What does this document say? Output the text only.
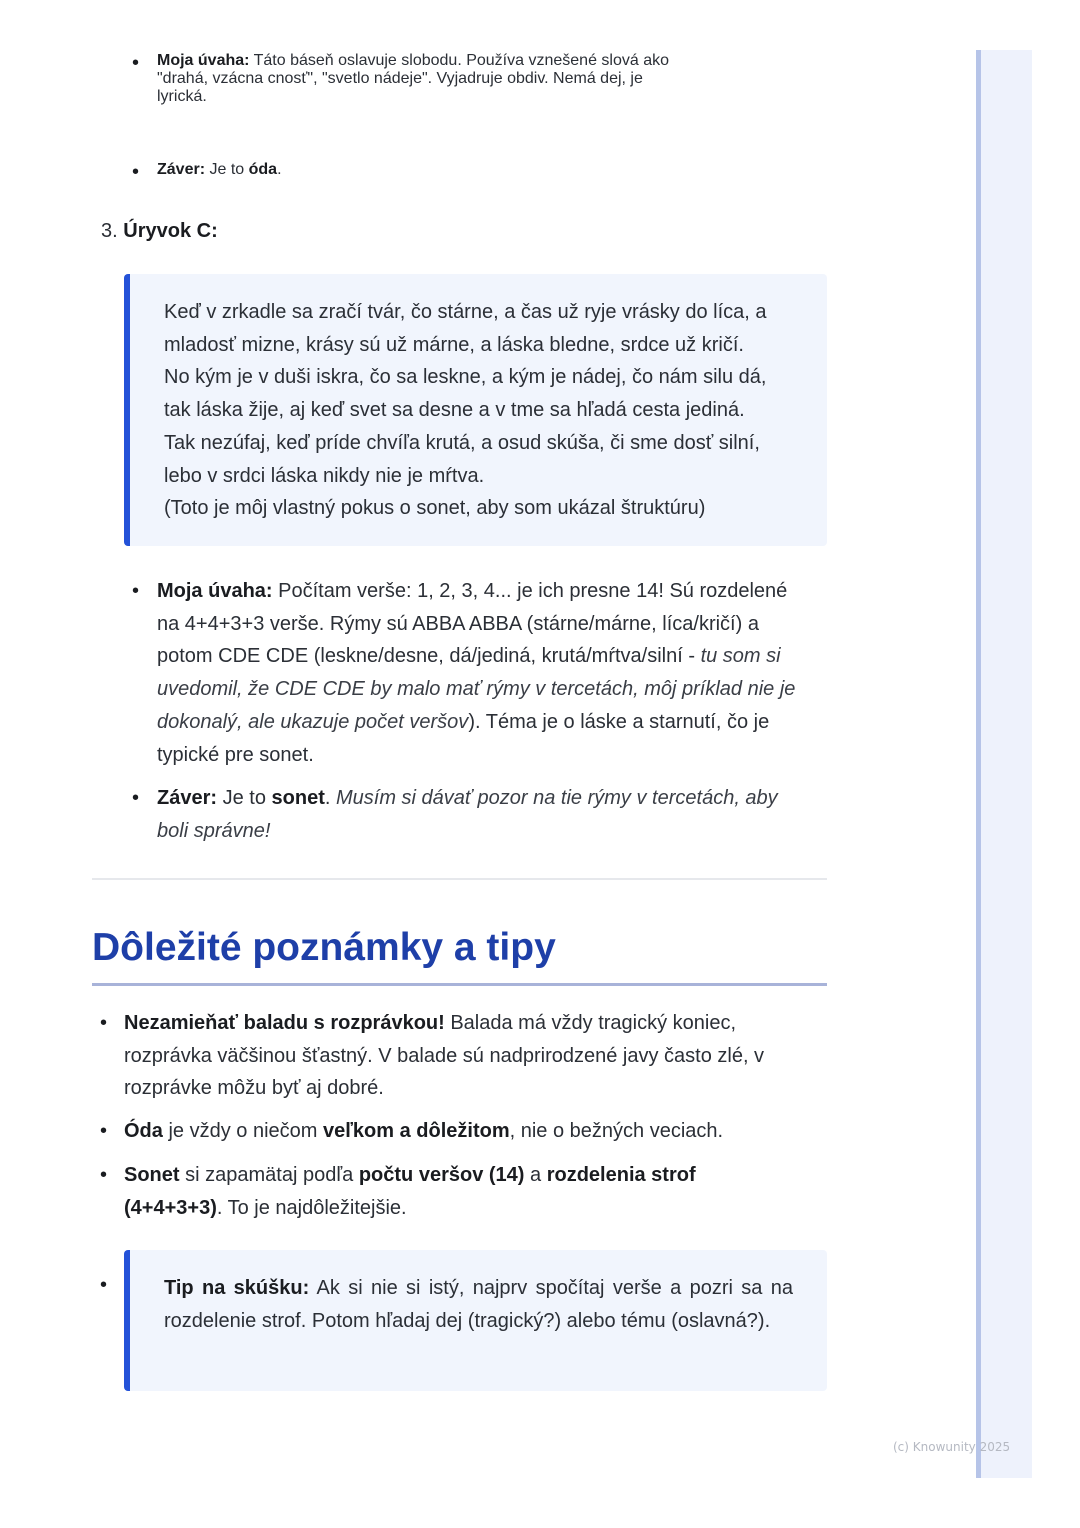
• Moja úvaha: Táto báseň oslavuje slobodu. Používa vznešené slová ako
"drahá, vzácna cnosť", "svetlo nádeje". Vyjadruje obdiv. Nemá dej, je
lyrická.
• Záver: Je to óda.
3. Úryvok C:
Keď v zrkadle sa zračí tvár, čo stárne, a čas už ryje vrásky do líca, a
mladosť mizne, krásy sú už márne, a láska bledne, srdce už kričí.
No kým je v duši iskra, čo sa leskne, a kým je nádej, čo nám silu dá,
tak láska žije, aj keď svet sa desne a v tme sa hľadá cesta jediná.
Tak nezúfaj, keď príde chvíľa krutá, a osud skúša, či sme dosť silní,
lebo v srdci láska nikdy nie je mŕtva.
(Toto je môj vlastný pokus o sonet, aby som ukázal štruktúru)
• Moja úvaha: Počítam verše: 1, 2, 3, 4... je ich presne 14! Sú rozdelené
na 4+4+3+3 verše. Rýmy sú ABBA ABBA (stárne/márne, líca/kričí) a
potom CDE CDE (leskne/desne, dá/jediná, krutá/mŕtva/silní - tu som si
uvedomil, že CDE CDE by malo mať rýmy v tercetách, môj príklad nie je
dokonalý, ale ukazuje počet veršov). Téma je o láske a starnutí, čo je
typické pre sonet.
• Záver: Je to sonet. Musím si dávať pozor na tie rýmy v tercetách, aby
boli správne!
Dôležité poznámky a tipy
• Nezamieňať baladu s rozprávkou! Balada má vždy tragický koniec,
rozprávka väčšinou šťastný. V balade sú nadprirodzené javy často zlé, v
rozprávke môžu byť aj dobré.
• Óda je vždy o niečom veľkom a dôležitom, nie o bežných veciach.
• Sonet si zapamätaj podľa počtu veršov (14) a rozdelenia strof
(4+4+3+3). To je najdôležitejšie.
•	Tip na skúšku: Ak si nie si istý, najprv spočítaj verše a pozri sa na rozdelenie strof. Potom hľadaj dej (tragický?) alebo tému (oslavná?).
(c) Knowunity 2025
